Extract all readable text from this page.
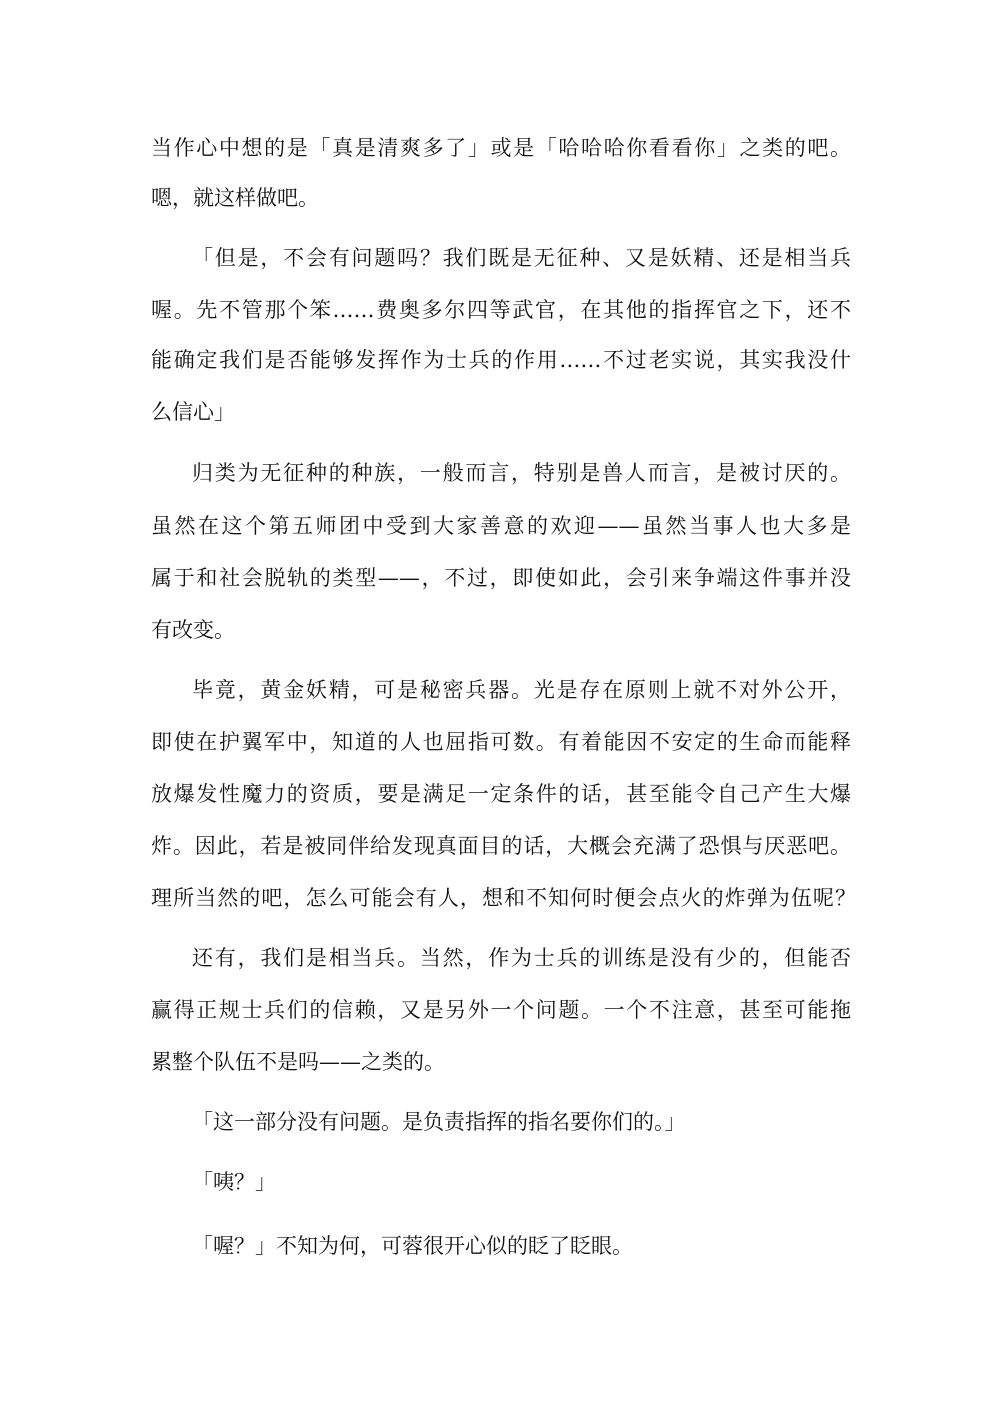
当作心中想的是「真是清爽多了」或是「哈哈哈你看看你」之类的吧。
嗯，就这样做吧。
「但是，不会有问题吗？我们既是无征种、又是妖精、还是相当兵
喔。先不管那个笨……费奥多尔四等武官，在其他的指挥官之下，还不
能确定我们是否能够发挥作为士兵的作用……不过老实说，其实我没什
么信心」
归类为无征种的种族，一般而言，特别是兽人而言，是被讨厌的。
虽然在这个第五师团中受到大家善意的欢迎——虽然当事人也大多是
属于和社会脱轨的类型——，不过，即使如此，会引来争端这件事并没
有改变。
毕竟，黄金妖精，可是秘密兵器。光是存在原则上就不对外公开，
即使在护翼军中，知道的人也屈指可数。有着能因不安定的生命而能释
放爆发性魔力的资质，要是满足一定条件的话，甚至能令自己产生大爆
炸。因此，若是被同伴给发现真面目的话，大概会充满了恐惧与厌恶吧。
理所当然的吧，怎么可能会有人，想和不知何时便会点火的炸弹为伍呢？
还有，我们是相当兵。当然，作为士兵的训练是没有少的，但能否
赢得正规士兵们的信赖，又是另外一个问题。一个不注意，甚至可能拖
累整个队伍不是吗——之类的。
「这一部分没有问题。是负责指挥的指名要你们的。」
「咦？」
「喔？」不知为何，可蓉很开心似的眨了眨眼。
